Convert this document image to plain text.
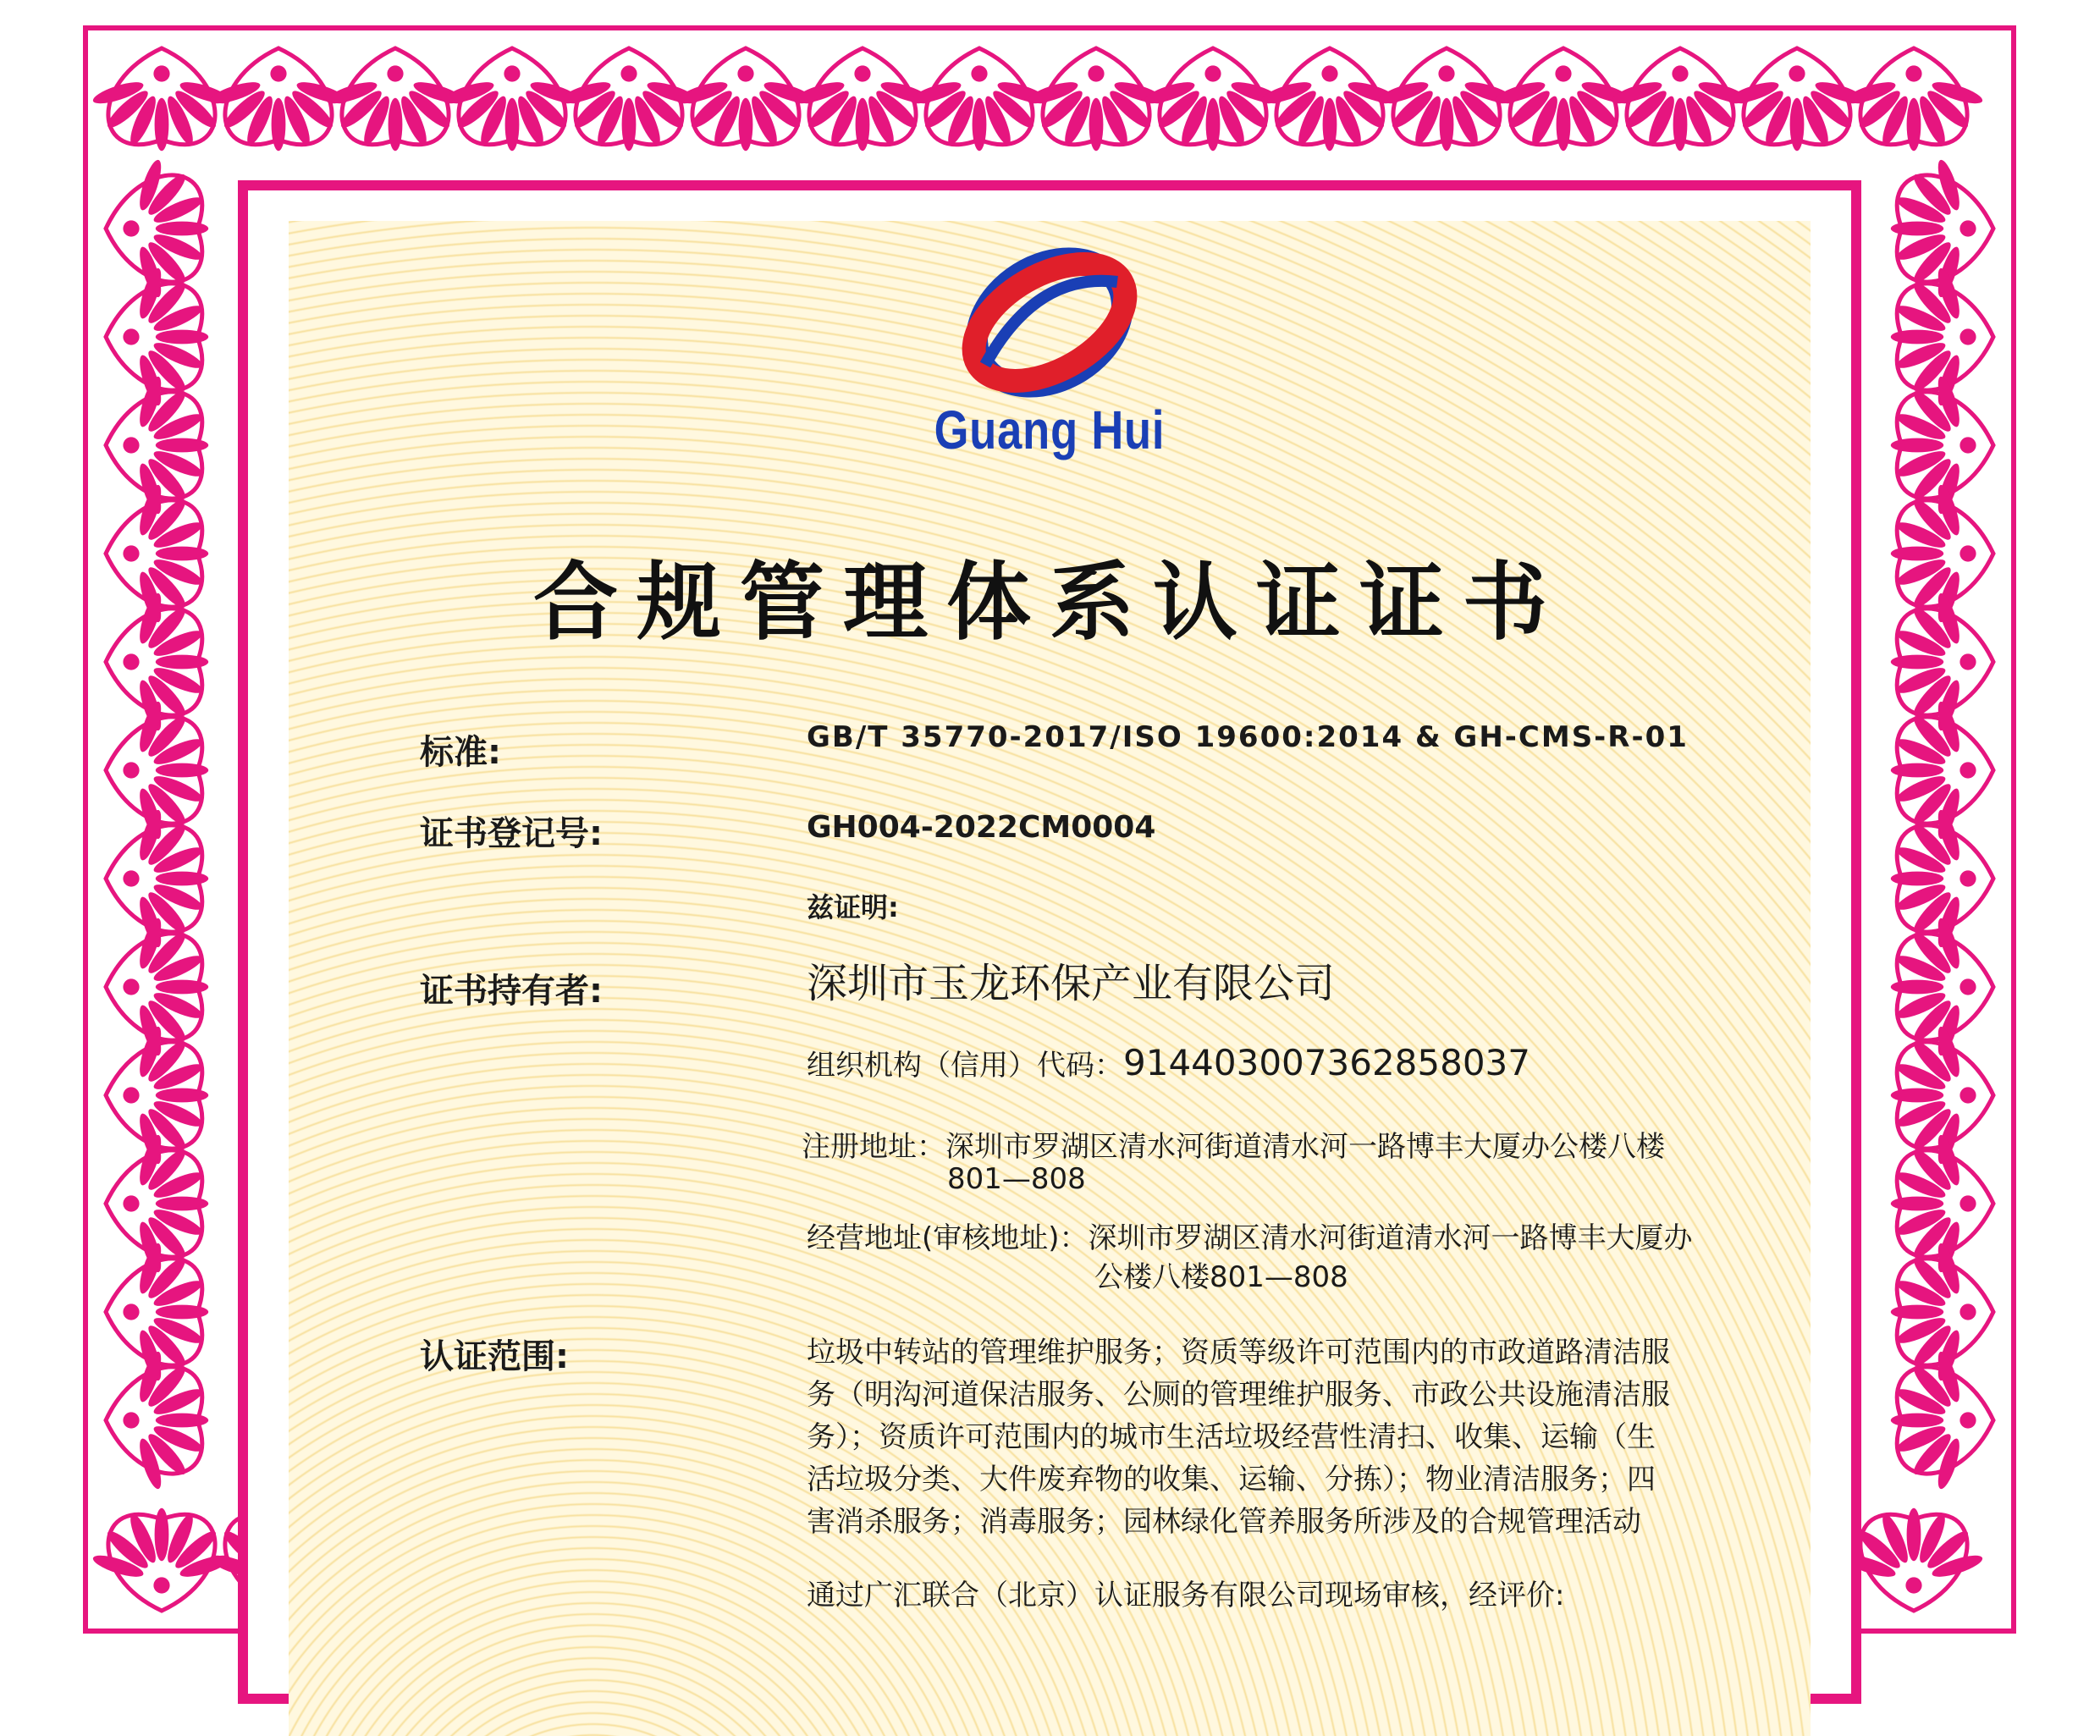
Guang Hui
合规管理体系认证证书
标准:	GB/T 35770-2017/ISO 19600:2014 & GH-CMS-R-01
证书登记号:	GH004-2022CM0004
兹证明:
证书持有者:	深圳市玉龙环保产业有限公司
组织机构（信用）代码：914403007362858037
注册地址：深圳市罗湖区清水河街道清水河一路博丰大厦办公楼八楼
801—808
经营地址(审核地址)：深圳市罗湖区清水河街道清水河一路博丰大厦办
公楼八楼801—808
认证范围:	垃圾中转站的管理维护服务；资质等级许可范围内的市政道路清洁服
务（明沟河道保洁服务、公厕的管理维护服务、市政公共设施清洁服
务）；资质许可范围内的城市生活垃圾经营性清扫、收集、运输（生
活垃圾分类、大件废弃物的收集、运输、分拣）；物业清洁服务；四
害消杀服务；消毒服务；园林绿化管养服务所涉及的合规管理活动
通过广汇联合（北京）认证服务有限公司现场审核，经评价:
